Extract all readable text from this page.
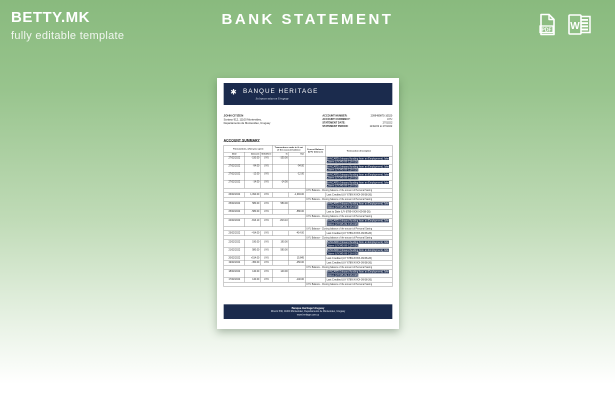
BETTY.MK
fully editable template
BANK STATEMENT
PDF W
✱ BANQUE HERITAGE
Su banco suizo en Uruguay
JOHN CITIZEN
Soriano 912, 11100 Montevideo,
Departamento de Montevideo, Uruguay
ACCOUNT NUMBER:	2099489875-10520
ACCOUNT CURRENCY:	UYU
STATEMENT DATE:	27/02/22
STATEMENT PERIOD:	11/02/22 to 27/02/22
ACCOUNT SUMMARY
Transactions, what you spent			Transactions made in & out of the account balance		Current Balance (UYU balance)	Transaction description
Date	Amount	Debit/Cre	In	Out		
27/02/2022	-150.00	UYU	-150.00			BANCARD (Inbound funding from an Employment) John Citizen (UY345-09-C16-026)
27/02/2022	-94.00	UYU		-94.00		BANCARD (Inbound funding from an Employment) John Citizen (UY345-09-C16-026)
27/02/2022	-12.00	UYU		-12.00		BANCARD (Inbound funding from an Employment) John Citizen (UY345-09-C16-026)
27/02/2022	-14.00	UYU	-14.00			BANCARD (Inbound funding from an Employment) John Citizen (UY345-09-C16-026)
					UYU Balance - Closing balance of the amount of Personal Saving	
26/02/2022	1,094.00	UYU		-1,094.00		Last Credited (UY 6789-XXXX-09-58-26)
					UYU Balance - Closing balance of the amount of Personal Saving	
25/02/2022	580.00	UYU	580.00			BANCARD (Inbound funding from an Employment) John Citizen (UY345-09-C16-026)
25/02/2022	-580.00	UYU		-580.00		Last to Date (UY 6789-XXXX-09-58-26)
					UYU Balance - Closing balance of the amount of Personal Saving	
24/02/2022	-813.10	UYU	-813.10			BANCARD (Inbound funding from an Employment) John Citizen (UY345-09-C16-026)
					UYU Balance - Closing balance of the amount of Personal Saving	
23/02/2022	-414.00	UYU		-414.00		Last Credited (UY 6789-XXXX-09-58-26)
					UYU Balance - Closing balance of the amount of Personal Saving	
22/02/2022	190.00	UYU	190.00			BANCARD (Inbound funding from an Employment) John Citizen (UY345-09-C16-026)
21/02/2022	580.00	UYU	580.00			BANCARD (Inbound funding from an Employment) John Citizen (UY345-09-C16-026)
20/02/2022	+514.00	UYU		15,845		Last Credited (UY 6789-XXXX-09-58-26)
19/02/2022	-450.00	UYU		-450.00		Last Credited (UY 6789-XXXX-09-58-26)
					UYU Balance - Closing balance of the amount of Personal Saving	
18/02/2022	140.00	UYU	140.00			BANCARD (Inbound funding from an Employment) John Citizen (UY345-09-C16-026)
17/02/2022	140.00	UYU		-140.00		Last Credited (UY 6789-XXXX-09-58-26)
					UYU Balance - Closing balance of the amount of Personal Saving	
Banque Heritage Uruguay
Rincón 530, 11000 Montevideo, Departamento de Montevideo, Uruguay
www.heritage.com.uy
